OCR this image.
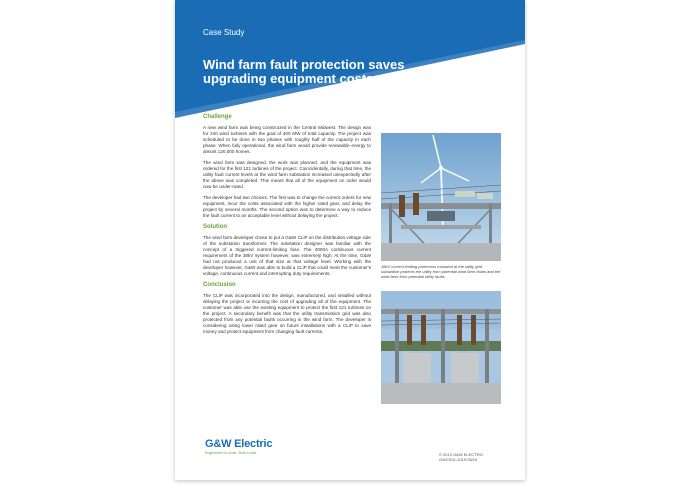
Case Study
Wind farm fault protection saves upgrading equipment costs
Challenge
A new wind farm was being constructed in the Central Midwest. The design was for 240 wind turbines with the goal of 400 MW of total capacity. The project was scheduled to be done in two phases with roughly half of the capacity in each phase. When fully operational, the wind farm would provide renewable energy to almost 120,000 homes.
The wind farm was designed, the work was planned, and the equipment was ordered for the first 121 turbines of the project. Coincidentally, during that time, the utility fault current levels at the wind farm substation increased unexpectedly after the above was completed. This meant that all of the equipment on order would now be under-rated.
The developer had two choices. The first was to change the current orders for new equipment, incur the costs associated with the higher rated gear, and delay the project by several months. The second option was to determine a way to reduce the fault current to an acceptable level without delaying the project.
Solution
The wind farm developer chose to put a G&W CLiP on the distribution voltage side of the substation transformer. The substation designer was familiar with the concept of a triggered current-limiting fuse. The 4000A continuous current requirement of the 38kV system however, was extremely high. At the time, G&W had not produced a unit of that size at that voltage level. Working with the developer however, G&W was able to build a CLiP that could meet the customer's voltage, continuous current and interrupting duty requirements.
Conclusion
The CLiP was incorporated into the design, manufactured, and installed without delaying the project or incurring the cost of upgrading all of the equipment. The customer was able use the existing equipment to protect the first 121 turbines on the project. A secondary benefit was that the utility transmission grid was also protected from any potential faults occurring in the wind farm. The developer is considering using lower rated gear on future installations with a CLiP to save money and protect equipment from changing fault currents.
38kV current limiting protectors mounted at the utility grid substation protects the utility from potential wind farm faults and the wind farm from potential utility faults.
G&W Electric
Engineered to order. Built to last.	© 2019 G&W ELECTRIC
GWCS01-2019.05/19
